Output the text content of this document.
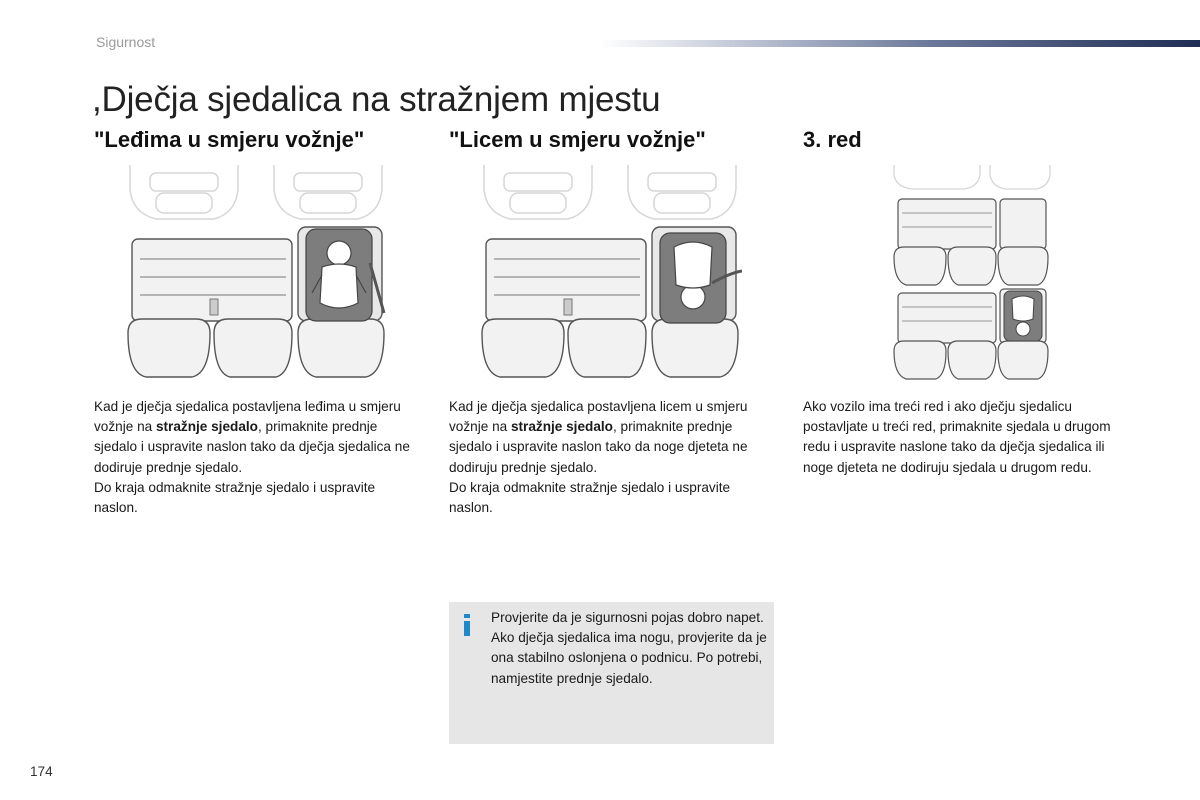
Sigurnost
,Dječja sjedalica na stražnjem mjestu
"Leđima u smjeru vožnje"

Kad je dječja sjedalica postavljena leđima u smjeru vožnje na stražnje sjedalo, primaknite prednje sjedalo i uspravite naslon tako da dječja sjedalica ne dodiruje prednje sjedalo.

Do kraja odmaknite stražnje sjedalo i uspravite naslon.

"Licem u smjeru vožnje"

Kad je dječja sjedalica postavljena licem u smjeru vožnje na stražnje sjedalo, primaknite prednje sjedalo i uspravite naslon tako da noge djeteta ne dodiruju prednje sjedalo.

Do kraja odmaknite stražnje sjedalo i uspravite naslon.

3. red

Ako vozilo ima treći red i ako dječju sjedalicu postavljate u treći red, primaknite sjedala u drugom redu i uspravite naslone tako da dječja sjedalica ili noge djeteta ne dodiruju sjedala u drugom redu.

Provjerite da je sigurnosni pojas dobro napet.

Ako dječja sjedalica ima nogu, provjerite da je ona stabilno oslonjena o podnicu. Po potrebi, namjestite prednje sjedalo.

174
